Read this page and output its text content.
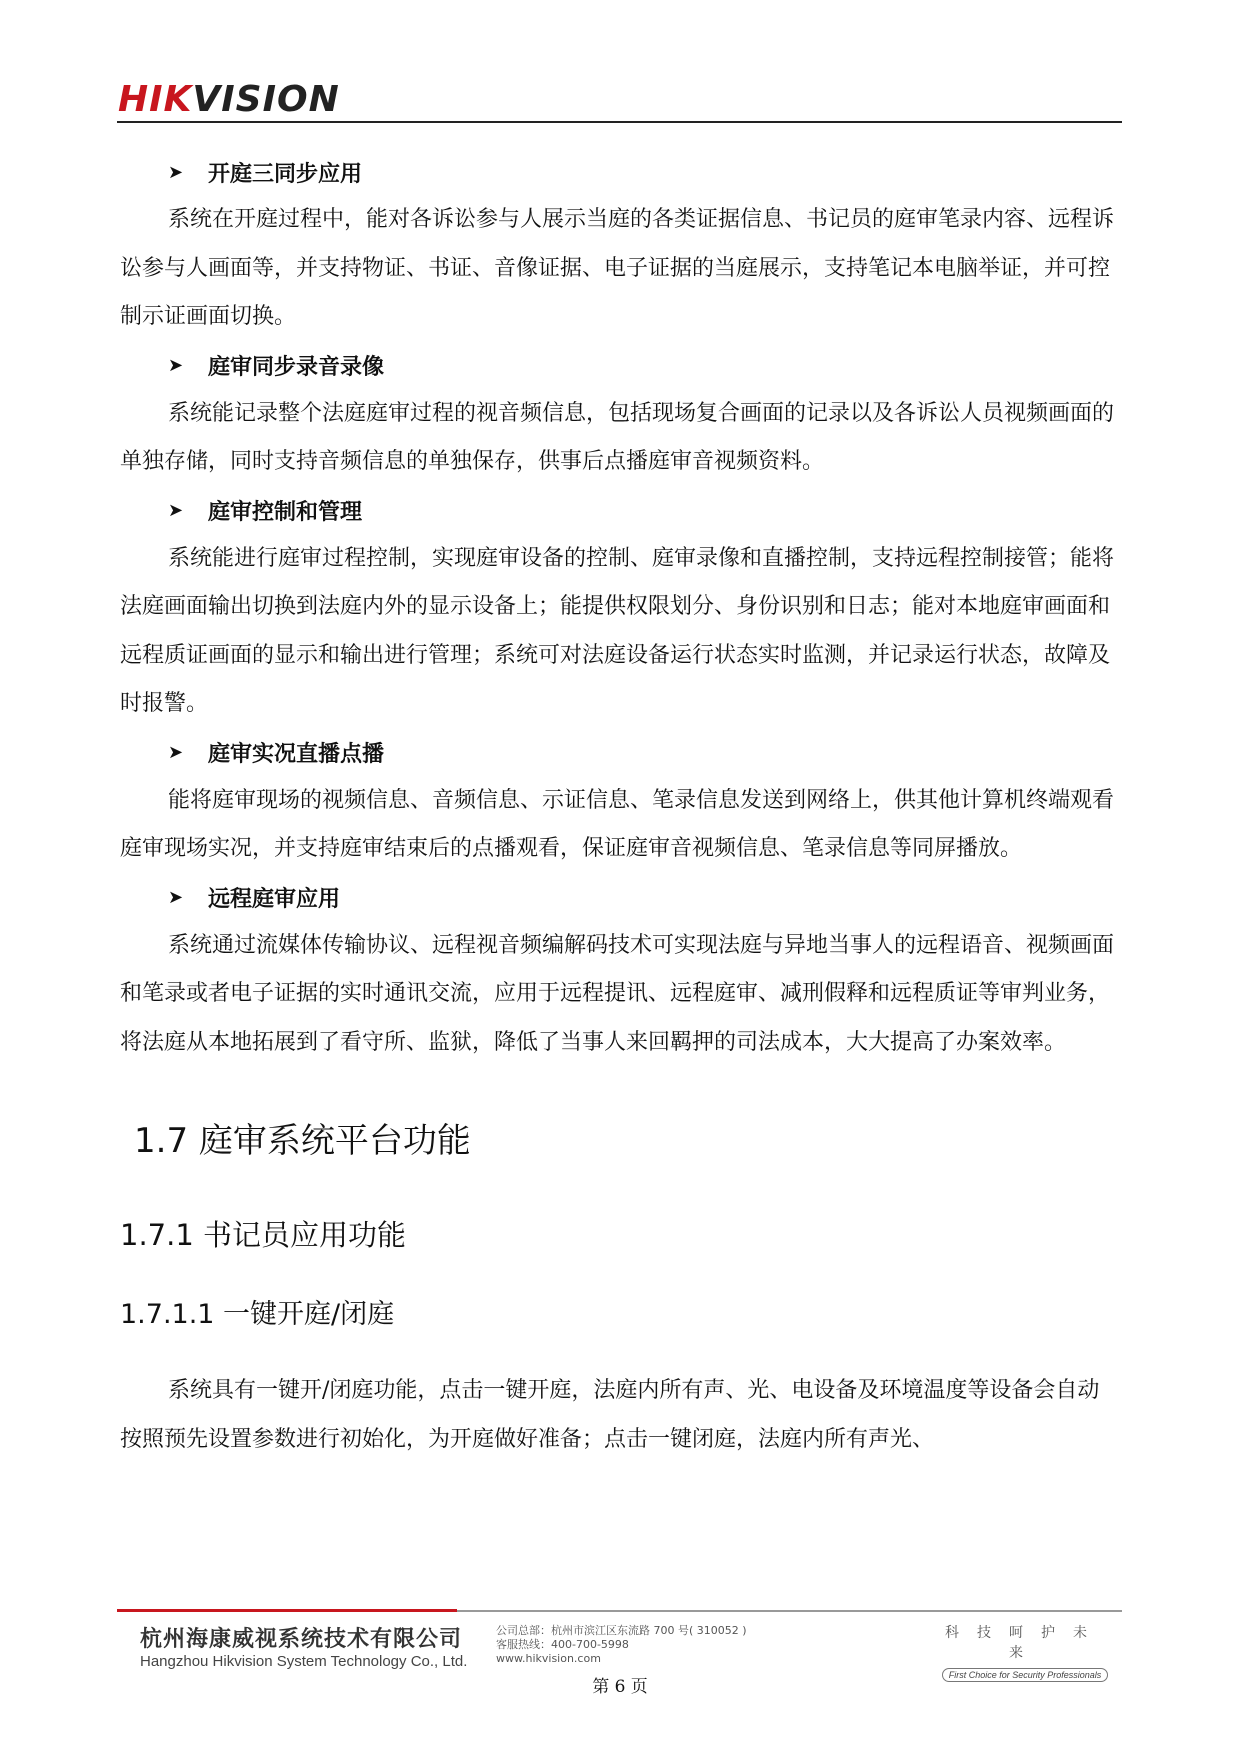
HIKVISION
➤	开庭三同步应用

系统在开庭过程中，能对各诉讼参与人展示当庭的各类证据信息、书记员的庭审笔录内容、远程诉讼参与人画面等，并支持物证、书证、音像证据、电子证据的当庭展示，支持笔记本电脑举证，并可控制示证画面切换。

➤	庭审同步录音录像

系统能记录整个法庭庭审过程的视音频信息，包括现场复合画面的记录以及各诉讼人员视频画面的单独存储，同时支持音频信息的单独保存，供事后点播庭审音视频资料。

➤	庭审控制和管理

系统能进行庭审过程控制，实现庭审设备的控制、庭审录像和直播控制，支持远程控制接管；能将法庭画面输出切换到法庭内外的显示设备上；能提供权限划分、身份识别和日志；能对本地庭审画面和远程质证画面的显示和输出进行管理；系统可对法庭设备运行状态实时监测，并记录运行状态，故障及时报警。

➤	庭审实况直播点播

能将庭审现场的视频信息、音频信息、示证信息、笔录信息发送到网络上，供其他计算机终端观看庭审现场实况，并支持庭审结束后的点播观看，保证庭审音视频信息、笔录信息等同屏播放。

➤	远程庭审应用

系统通过流媒体传输协议、远程视音频编解码技术可实现法庭与异地当事人的远程语音、视频画面和笔录或者电子证据的实时通讯交流，应用于远程提讯、远程庭审、减刑假释和远程质证等审判业务，将法庭从本地拓展到了看守所、监狱，降低了当事人来回羁押的司法成本，大大提高了办案效率。

1.7 庭审系统平台功能
1.7.1 书记员应用功能
1.7.1.1 一键开庭/闭庭

系统具有一键开/闭庭功能，点击一键开庭，法庭内所有声、光、电设备及环境温度等设备会自动按照预先设置参数进行初始化，为开庭做好准备；点击一键闭庭，法庭内所有声光、

杭州海康威视系统技术有限公司
Hangzhou Hikvision System Technology Co., Ltd.
公司总部：杭州市滨江区东流路 700 号( 310052 )
客服热线：400-700-5998
www.hikvision.com
科技呵护未来
First Choice for Security Professionals
第 6 页
